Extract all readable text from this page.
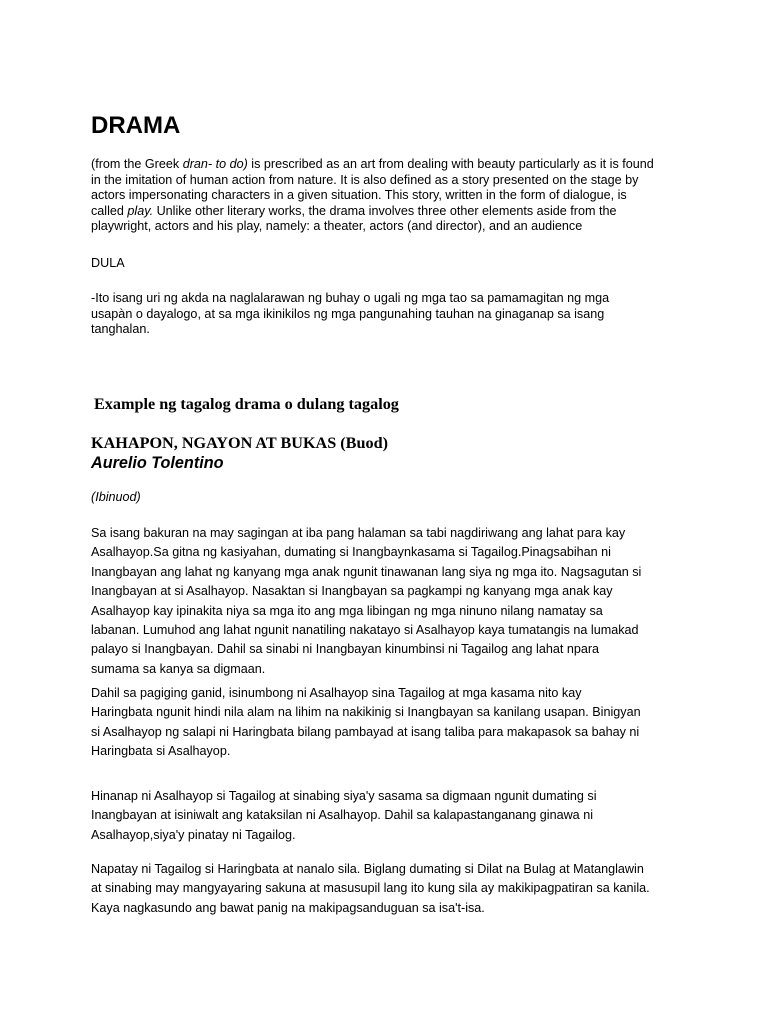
DRAMA

(from the Greek dran- to do) is prescribed as an art from dealing with beauty particularly as it is found in the imitation of human action from nature. It is also defined as a story presented on the stage by actors impersonating characters in a given situation. This story, written in the form of dialogue, is called play. Unlike other literary works, the drama involves three other elements aside from the playwright, actors and his play, namely: a theater, actors (and director), and an audience

DULA

-Ito isang uri ng akda na naglalarawan ng buhay o ugali ng mga tao sa pamamagitan ng mga usapàn o dayalogo, at sa mga ikinikilos ng mga pangunahing tauhan na ginaganap sa isang tanghalan.

Example ng tagalog drama o dulang tagalog

KAHAPON, NGAYON AT BUKAS (Buod)

Aurelio Tolentino

(Ibinuod)

Sa isang bakuran na may sagingan at iba pang halaman sa tabi nagdiriwang ang lahat para kay
Asalhayop.Sa gitna ng kasiyahan, dumating si Inangbaynkasama si Tagailog.Pinagsabihan ni
Inangbayan ang lahat ng kanyang mga anak ngunit tinawanan lang siya ng mga ito. Nagsagutan si
Inangbayan at si Asalhayop. Nasaktan si Inangbayan sa pagkampi ng kanyang mga anak kay
Asalhayop kay ipinakita niya sa mga ito ang mga libingan ng mga ninuno nilang namatay sa
labanan. Lumuhod ang lahat ngunit nanatiling nakatayo si Asalhayop kaya tumatangis na lumakad
palayo si Inangbayan. Dahil sa sinabi ni Inangbayan kinumbinsi ni Tagailog ang lahat npara
sumama sa kanya sa digmaan.

Dahil sa pagiging ganid, isinumbong ni Asalhayop sina Tagailog at mga kasama nito kay
Haringbata ngunit hindi nila alam na lihim na nakikinig si Inangbayan sa kanilang usapan. Binigyan
si Asalhayop ng salapi ni Haringbata bilang pambayad at isang taliba para makapasok sa bahay ni
Haringbata si Asalhayop.

Hinanap ni Asalhayop si Tagailog at sinabing siya'y sasama sa digmaan ngunit dumating si
Inangbayan at isiniwalt ang kataksilan ni Asalhayop. Dahil sa kalapastanganang ginawa ni
Asalhayop,siya'y pinatay ni Tagailog.

Napatay ni Tagailog si Haringbata at nanalo sila. Biglang dumating si Dilat na Bulag at Matanglawin
at sinabing may mangyayaring sakuna at masusupil lang ito kung sila ay makikipagpatiran sa kanila.
Kaya nagkasundo ang bawat panig na makipagsanduguan sa isa't-isa.
